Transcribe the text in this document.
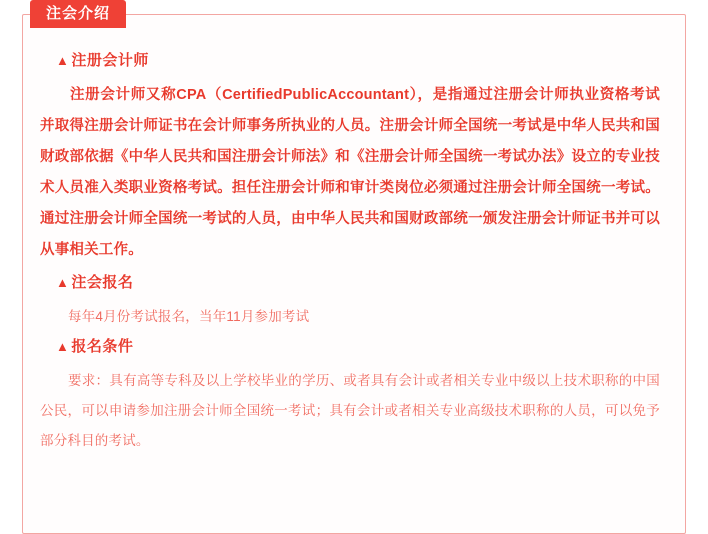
注会介绍
▲ 注册会计师

注册会计师又称CPA（CertifiedPublicAccountant），是指通过注册会计师执业资格考试并取得注册会计师证书在会计师事务所执业的人员。注册会计师全国统一考试是中华人民共和国财政部依据《中华人民共和国注册会计师法》和《注册会计师全国统一考试办法》设立的专业技术人员准入类职业资格考试。担任注册会计师和审计类岗位必须通过注册会计师全国统一考试。通过注册会计师全国统一考试的人员，由中华人民共和国财政部统一颁发注册会计师证书并可以从事相关工作。

▲ 注会报名

每年4月份考试报名，当年11月参加考试

▲ 报名条件

要求：具有高等专科及以上学校毕业的学历、或者具有会计或者相关专业中级以上技术职称的中国公民，可以申请参加注册会计师全国统一考试；具有会计或者相关专业高级技术职称的人员，可以免予部分科目的考试。
